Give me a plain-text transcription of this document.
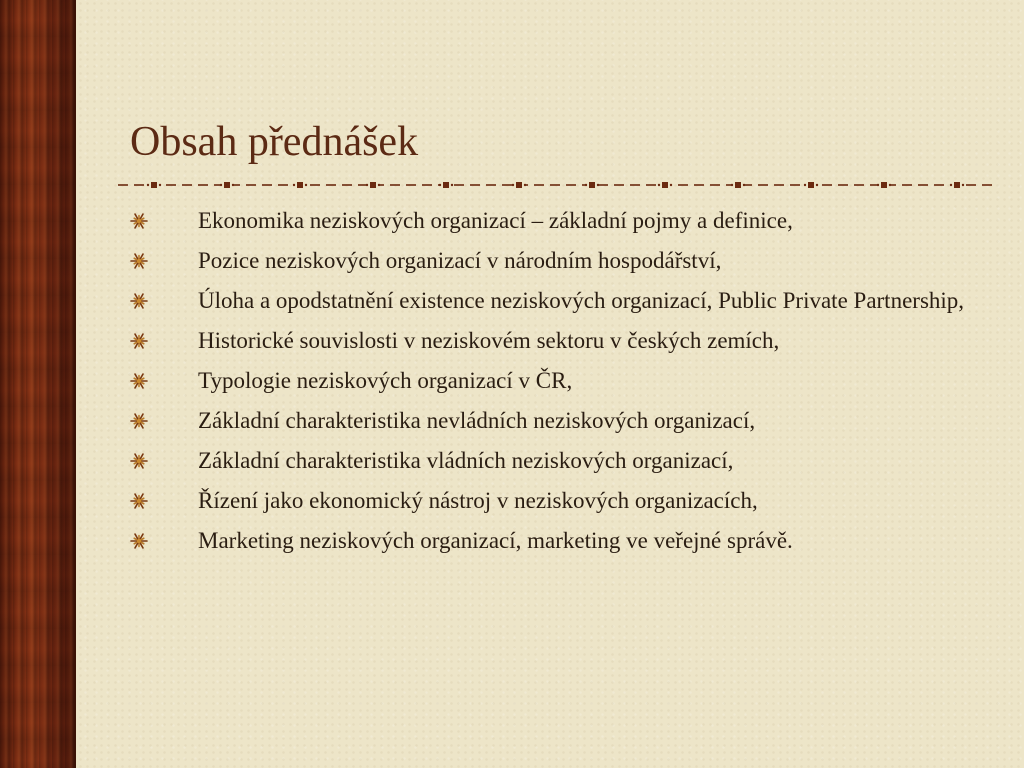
Obsah přednášek
Ekonomika neziskových organizací – základní pojmy a definice,
Pozice neziskových organizací v národním hospodářství,
Úloha a opodstatnění existence neziskových organizací, Public Private Partnership,
Historické souvislosti v neziskovém sektoru v českých zemích,
Typologie neziskových organizací v ČR,
Základní charakteristika nevládních neziskových organizací,
Základní charakteristika vládních neziskových organizací,
Řízení jako ekonomický nástroj v neziskových organizacích,
Marketing neziskových organizací, marketing ve veřejné správě.
